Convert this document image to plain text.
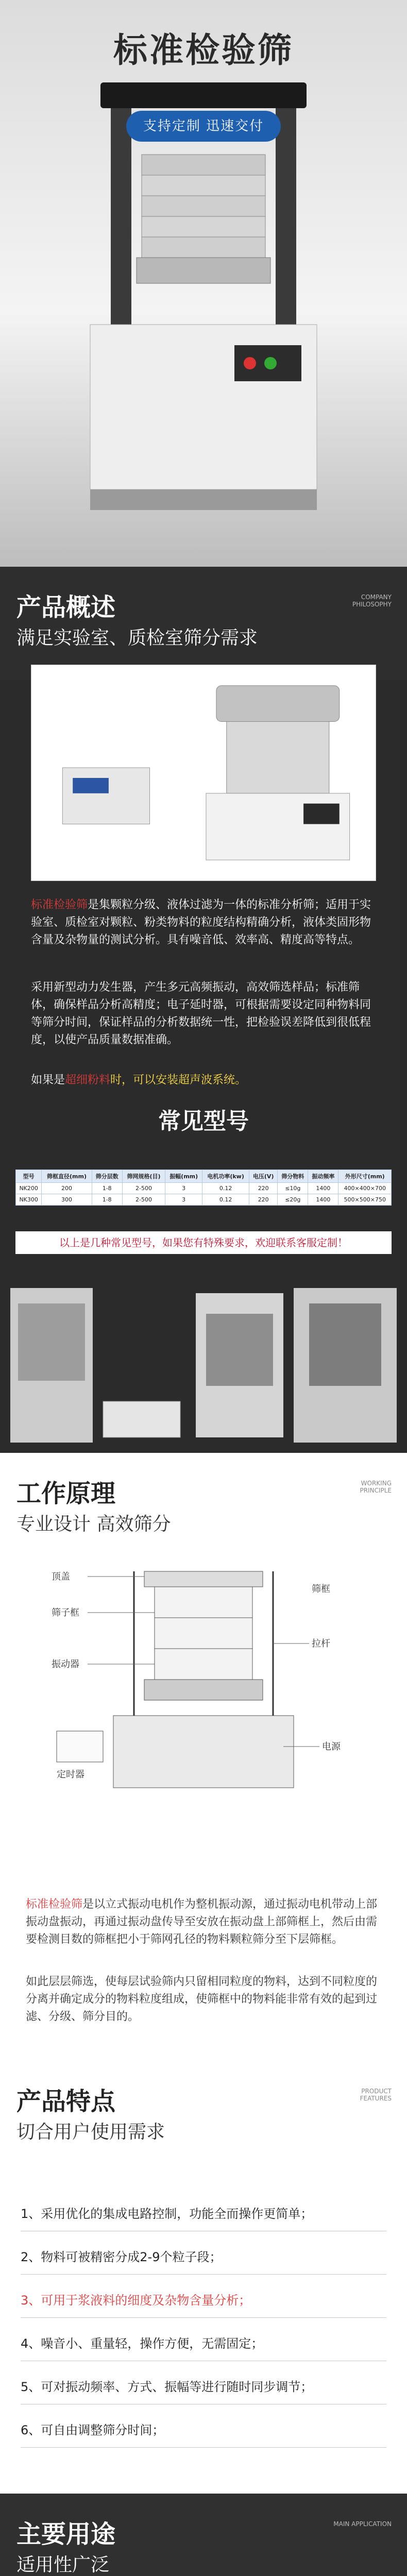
标准检验筛
支持定制 迅速交付
产品概述
满足实验室、质检室筛分需求
COMPANY PHILOSOPHY
标准检验筛是集颗粒分级、液体过滤为一体的标准分析筛；适用于实验室、质检室对颗粒、粉类物料的粒度结构精确分析，液体类固形物含量及杂物量的测试分析。具有噪音低、效率高、精度高等特点。
采用新型动力发生器，产生多元高频振动，高效筛选样品；标准筛体，确保样品分析高精度；电子延时器，可根据需要设定同种物料同等筛分时间，保证样品的分析数据统一性，把检验误差降低到很低程度，以使产品质量数据准确。
如果是超细粉料时，可以安装超声波系统。
常见型号
型号	筛框直径(mm)	筛分层数	筛网规格(目)	振幅(mm)	电机功率(kw)	电压(V)	筛分物料	振动频率	外形尺寸(mm)
NK200	200	1-8	2-500	3	0.12	220	≤10g	1400	400×400×700
NK300	300	1-8	2-500	3	0.12	220	≤20g	1400	500×500×750
以上是几种常见型号，如果您有特殊要求，欢迎联系客服定制！
工作原理
专业设计 高效筛分
WORKING PRINCIPLE
顶盖
筛子框
振动器
拉杆
定时器
电源
筛框
标准检验筛是以立式振动电机作为整机振动源，通过振动电机带动上部振动盘振动，再通过振动盘传导至安放在振动盘上部筛框上，然后由需要检测目数的筛框把小于筛网孔径的物料颗粒筛分至下层筛框。
如此层层筛选，使每层试验筛内只留相同粒度的物料，达到不同粒度的分离并确定成分的物料粒度组成，使筛框中的物料能非常有效的起到过滤、分级、筛分目的。
产品特点
切合用户使用需求
PRODUCT FEATURES
1、采用优化的集成电路控制，功能全而操作更简单；
2、物料可被精密分成2-9个粒子段；
3、可用于浆液料的细度及杂物含量分析；
4、噪音小、重量轻，操作方便，无需固定；
5、可对振动频率、方式、振幅等进行随时同步调节；
6、可自由调整筛分时间；
主要用途
适用性广泛
MAIN APPLICATION
